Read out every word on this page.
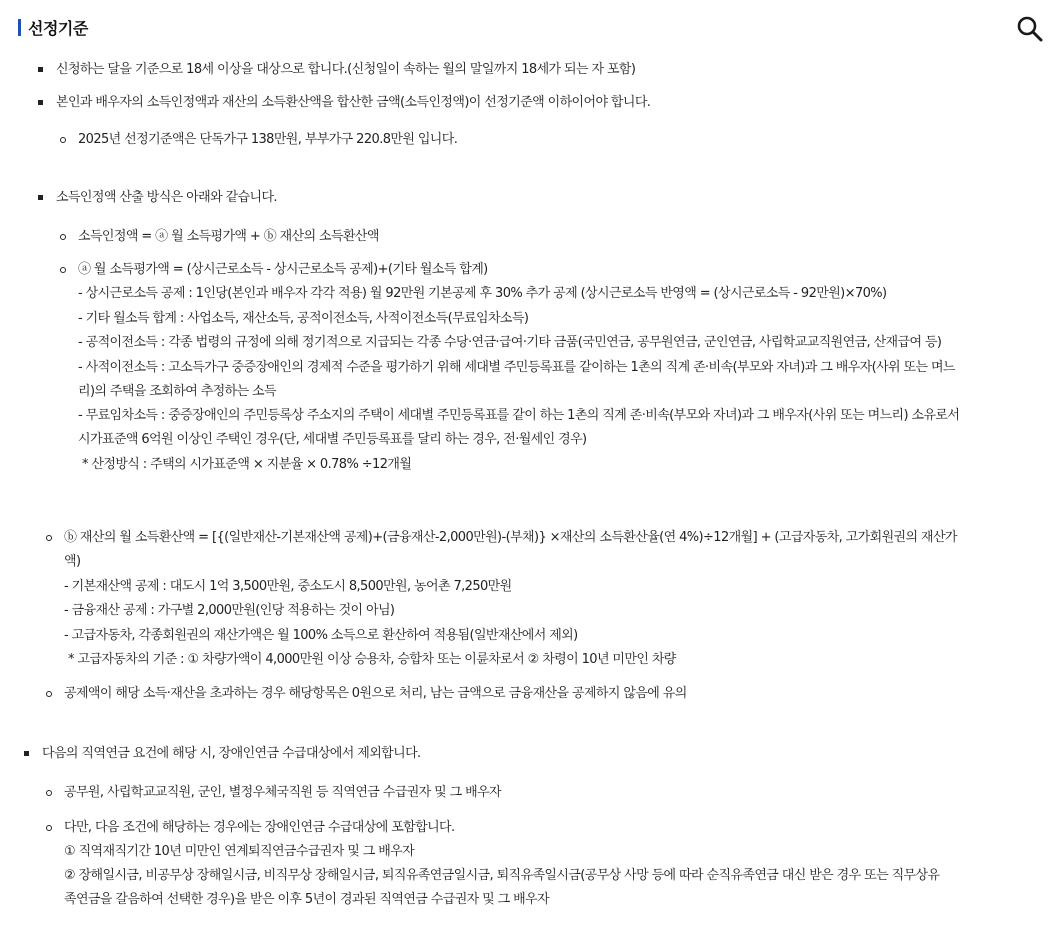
선정기준
신청하는 달을 기준으로 18세 이상을 대상으로 합니다.(신청일이 속하는 월의 말일까지 18세가 되는 자 포함)
본인과 배우자의 소득인정액과 재산의 소득환산액을 합산한 금액(소득인정액)이 선정기준액 이하이어야 합니다.
2025년 선정기준액은 단독가구 138만원, 부부가구 220.8만원 입니다.
소득인정액 산출 방식은 아래와 같습니다.
소득인정액 = ⓐ 월 소득평가액 + ⓑ 재산의 소득환산액
ⓐ 월 소득평가액 = (상시근로소득 - 상시근로소득 공제)+(기타 월소득 합계)
- 상시근로소득 공제 : 1인당(본인과 배우자 각각 적용) 월 92만원 기본공제 후 30% 추가 공제 (상시근로소득 반영액 = (상시근로소득 - 92만원)×70%)
- 기타 월소득 합계 : 사업소득, 재산소득, 공적이전소득, 사적이전소득(무료임차소득)
- 공적이전소득 : 각종 법령의 규정에 의해 정기적으로 지급되는 각종 수당·연금·급여·기타 금품(국민연금, 공무원연금, 군인연금, 사립학교교직원연금, 산재급여 등)
- 사적이전소득 : 고소득가구 중증장애인의 경제적 수준을 평가하기 위해 세대별 주민등록표를 같이하는 1촌의 직계 존·비속(부모와 자녀)과 그 배우자(사위 또는 며느
리)의 주택을 조회하여 추정하는 소득
- 무료임차소득 : 중증장애인의 주민등록상 주소지의 주택이 세대별 주민등록표를 같이 하는 1촌의 직계 존·비속(부모와 자녀)과 그 배우자(사위 또는 며느리) 소유로서
시가표준액 6억원 이상인 주택인 경우(단, 세대별 주민등록표를 달리 하는 경우, 전·월세인 경우)
* 산정방식 : 주택의 시가표준액 × 지분율 × 0.78% ÷12개월
ⓑ 재산의 월 소득환산액 = [{(일반재산-기본재산액 공제)+(금융재산-2,000만원)-(부채)} ×재산의 소득환산율(연 4%)÷12개월] + (고급자동차, 고가회원권의 재산가
액)
- 기본재산액 공제 : 대도시 1억 3,500만원, 중소도시 8,500만원, 농어촌 7,250만원
- 금융재산 공제 : 가구별 2,000만원(인당 적용하는 것이 아님)
- 고급자동차, 각종회원권의 재산가액은 월 100% 소득으로 환산하여 적용됨(일반재산에서 제외)
* 고급자동차의 기준 : ① 차량가액이 4,000만원 이상 승용차, 승합차 또는 이륜차로서 ② 차령이 10년 미만인 차량
공제액이 해당 소득·재산을 초과하는 경우 해당항목은 0원으로 처리, 남는 금액으로 금융재산을 공제하지 않음에 유의
다음의 직역연금 요건에 해당 시, 장애인연금 수급대상에서 제외합니다.
공무원, 사립학교교직원, 군인, 별정우체국직원 등 직역연금 수급권자 및 그 배우자
다만, 다음 조건에 해당하는 경우에는 장애인연금 수급대상에 포함합니다.
① 직역재직기간 10년 미만인 연계퇴직연금수급권자 및 그 배우자
② 장해일시금, 비공무상 장해일시금, 비직무상 장해일시금, 퇴직유족연금일시금, 퇴직유족일시금(공무상 사망 등에 따라 순직유족연금 대신 받은 경우 또는 직무상유
족연금을 갈음하여 선택한 경우)을 받은 이후 5년이 경과된 직역연금 수급권자 및 그 배우자
